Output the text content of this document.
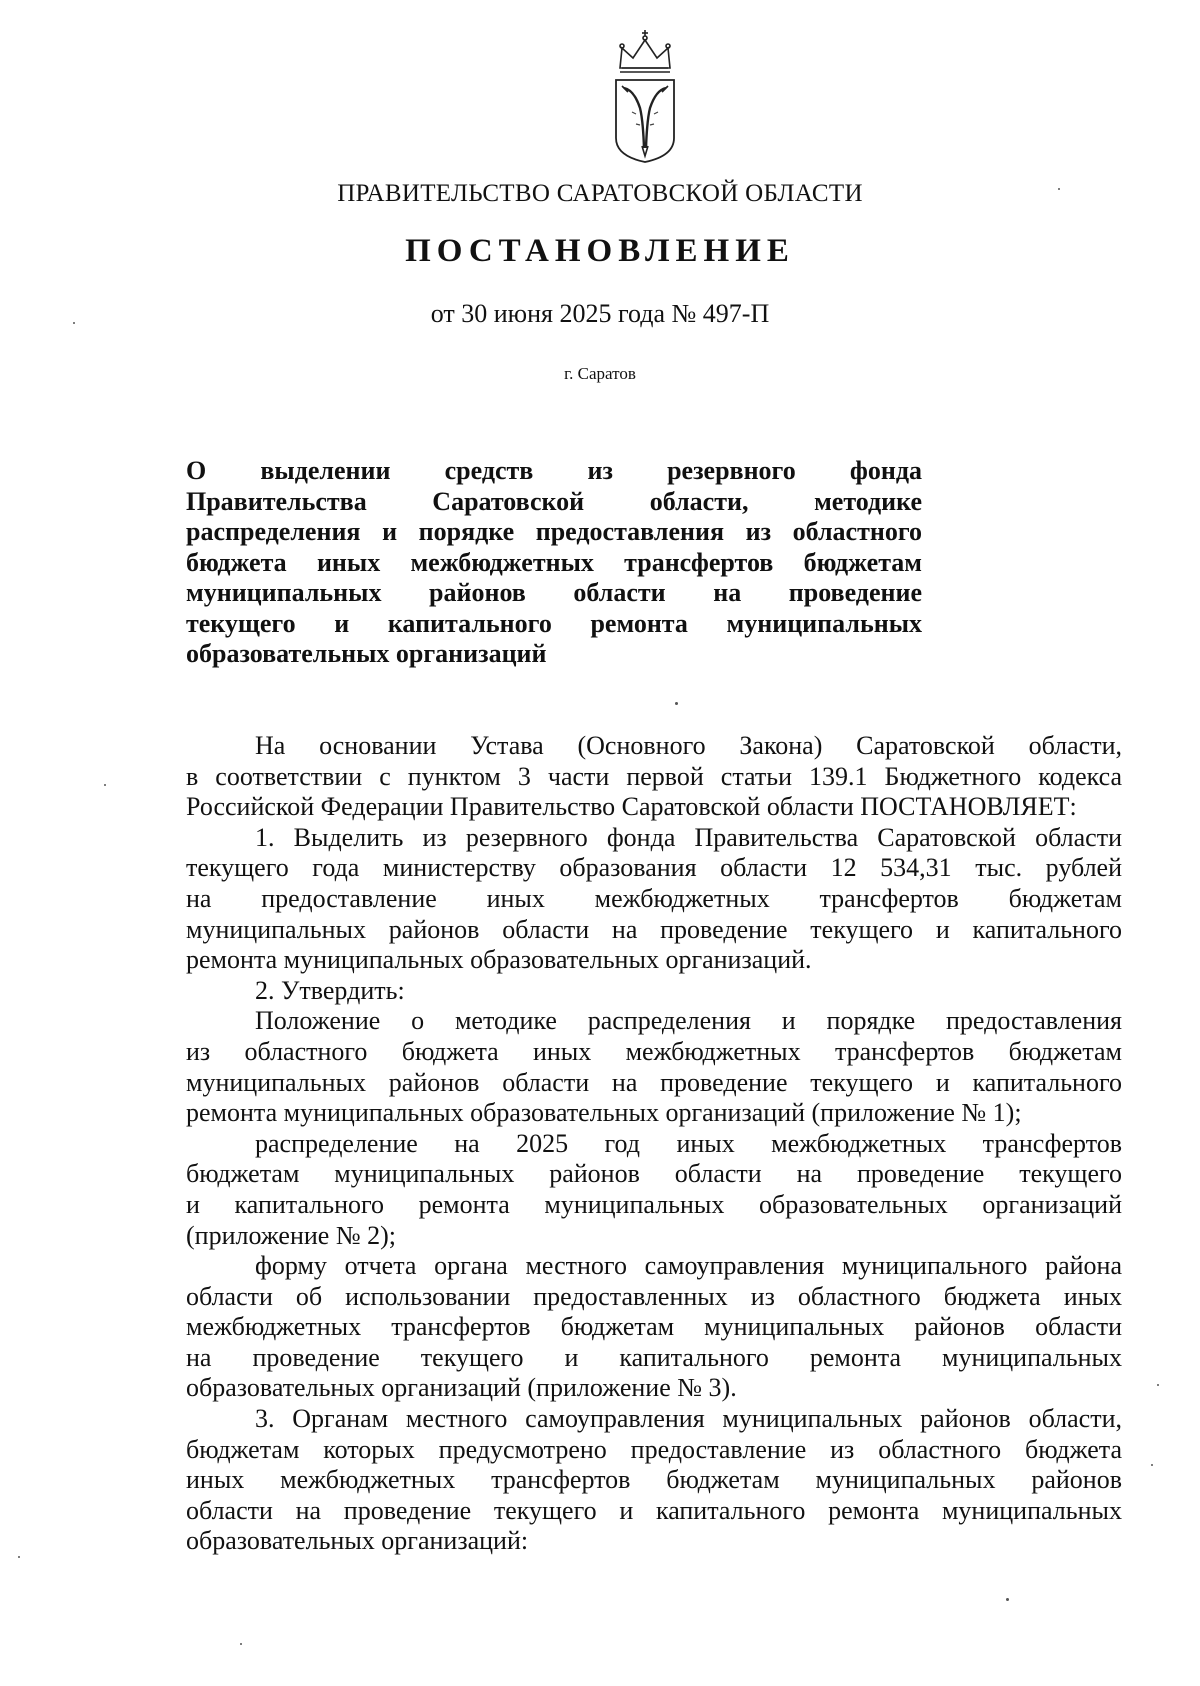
ПРАВИТЕЛЬСТВО САРАТОВСКОЙ ОБЛАСТИ
ПОСТАНОВЛЕНИЕ
от 30 июня 2025 года № 497-П
г. Саратов
О выделении средств из резервного фонда
Правительства Саратовской области, методике
распределения и порядке предоставления из областного
бюджета иных межбюджетных трансфертов бюджетам
муниципальных районов области на проведение
текущего и капитального ремонта муниципальных
образовательных организаций
На основании Устава (Основного Закона) Саратовской области,
в соответствии с пунктом 3 части первой статьи 139.1 Бюджетного кодекса
Российской Федерации Правительство Саратовской области ПОСТАНОВЛЯЕТ:
1. Выделить из резервного фонда Правительства Саратовской области
текущего года министерству образования области 12 534,31 тыс. рублей
на предоставление иных межбюджетных трансфертов бюджетам
муниципальных районов области на проведение текущего и капитального
ремонта муниципальных образовательных организаций.
2. Утвердить:
Положение о методике распределения и порядке предоставления
из областного бюджета иных межбюджетных трансфертов бюджетам
муниципальных районов области на проведение текущего и капитального
ремонта муниципальных образовательных организаций (приложение № 1);
распределение на 2025 год иных межбюджетных трансфертов
бюджетам муниципальных районов области на проведение текущего
и капитального ремонта муниципальных образовательных организаций
(приложение № 2);
форму отчета органа местного самоуправления муниципального района
области об использовании предоставленных из областного бюджета иных
межбюджетных трансфертов бюджетам муниципальных районов области
на проведение текущего и капитального ремонта муниципальных
образовательных организаций (приложение № 3).
3. Органам местного самоуправления муниципальных районов области,
бюджетам которых предусмотрено предоставление из областного бюджета
иных межбюджетных трансфертов бюджетам муниципальных районов
области на проведение текущего и капитального ремонта муниципальных
образовательных организаций:
